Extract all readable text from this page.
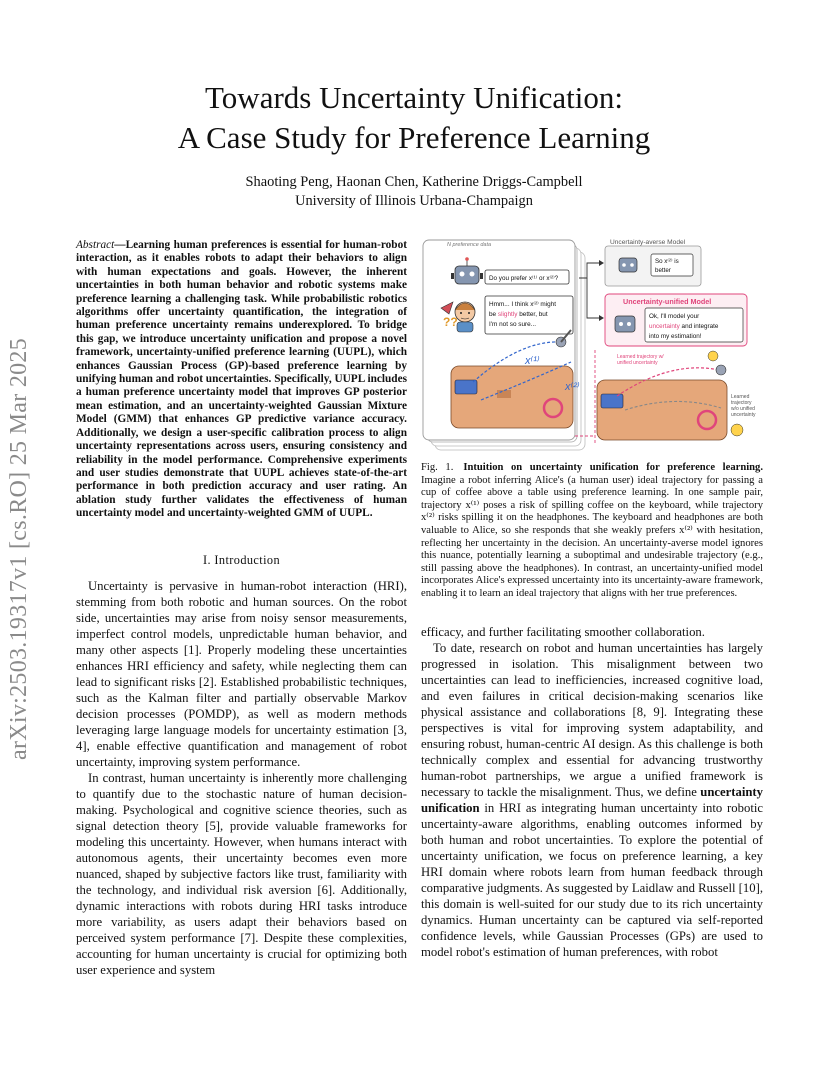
arXiv:2503.19317v1 [cs.RO] 25 Mar 2025
Towards Uncertainty Unification:
A Case Study for Preference Learning
Shaoting Peng, Haonan Chen, Katherine Driggs-Campbell
University of Illinois Urbana-Champaign
Abstract—Learning human preferences is essential for human-robot interaction, as it enables robots to adapt their behaviors to align with human expectations and goals. However, the inherent uncertainties in both human behavior and robotic systems make preference learning a challenging task. While probabilistic robotics algorithms offer uncertainty quantification, the integration of human preference uncertainty remains underexplored. To bridge this gap, we introduce uncertainty unification and propose a novel framework, uncertainty-unified preference learning (UUPL), which enhances Gaussian Process (GP)-based preference learning by unifying human and robot uncertainties. Specifically, UUPL includes a human preference uncertainty model that improves GP posterior mean estimation, and an uncertainty-weighted Gaussian Mixture Model (GMM) that enhances GP predictive variance accuracy. Additionally, we design a user-specific calibration process to align uncertainty representations across users, ensuring consistency and reliability in the model performance. Comprehensive experiments and user studies demonstrate that UUPL achieves state-of-the-art performance in both prediction accuracy and user rating. An ablation study further validates the effectiveness of human uncertainty model and uncertainty-weighted GMM of UUPL.
I. Introduction

Uncertainty is pervasive in human-robot interaction (HRI), stemming from both robotic and human sources. On the robot side, uncertainties may arise from noisy sensor measurements, imperfect control models, unpredictable human behavior, and many other aspects [1]. Properly modeling these uncertainties enhances HRI efficiency and safety, while neglecting them can lead to significant risks [2]. Established probabilistic techniques, such as the Kalman filter and partially observable Markov decision processes (POMDP), as well as modern methods leveraging large language models for uncertainty estimation [3, 4], enable effective quantification and management of robot uncertainty, improving system performance.

In contrast, human uncertainty is inherently more challenging to quantify due to the stochastic nature of human decision-making. Psychological and cognitive science theories, such as signal detection theory [5], provide valuable frameworks for modeling this uncertainty. However, when humans interact with autonomous agents, their uncertainty becomes even more nuanced, shaped by subjective factors like trust, familiarity with the technology, and individual risk aversion [6]. Additionally, dynamic interactions with robots during HRI tasks introduce more variability, as users adapt their behaviors based on perceived system performance [7]. Despite these complexities, accounting for human uncertainty is crucial for optimizing both user experience and system

N preference data
Do you prefer x⁽¹⁾ or x⁽²⁾?
??
Hmm... I think x⁽²⁾ might
be slightly better, but
I'm not so sure...
x⁽¹⁾
x⁽²⁾
Uncertainty-averse Model
So x⁽²⁾ is
better
Uncertainty-unified Model
Ok, I'll model your
uncertainty and integrate
into my estimation!
Learned trajectory w/
unified uncertainty
Learned
trajectory
w/o unified
uncertainty
Fig. 1. Intuition on uncertainty unification for preference learning. Imagine a robot inferring Alice's (a human user) ideal trajectory for passing a cup of coffee above a table using preference learning. In one sample pair, trajectory x⁽¹⁾ poses a risk of spilling coffee on the keyboard, while trajectory x⁽²⁾ risks spilling it on the headphones. The keyboard and headphones are both valuable to Alice, so she responds that she weakly prefers x⁽²⁾ with hesitation, reflecting her uncertainty in the decision. An uncertainty-averse model ignores this nuance, potentially learning a suboptimal and undesirable trajectory (e.g., still passing above the headphones). In contrast, an uncertainty-unified model incorporates Alice's expressed uncertainty into its uncertainty-aware framework, enabling it to learn an ideal trajectory that aligns with her true preferences.

efficacy, and further facilitating smoother collaboration.

To date, research on robot and human uncertainties has largely progressed in isolation. This misalignment between two uncertainties can lead to inefficiencies, increased cognitive load, and even failures in critical decision-making scenarios like physical assistance and collaborations [8, 9]. Integrating these perspectives is vital for improving system adaptability, and ensuring robust, human-centric AI design. As this challenge is both technically complex and essential for advancing trustworthy human-robot partnerships, we argue a unified framework is necessary to tackle the misalignment. Thus, we define uncertainty unification in HRI as integrating human uncertainty into robotic uncertainty-aware algorithms, enabling outcomes informed by both human and robot uncertainties. To explore the potential of uncertainty unification, we focus on preference learning, a key HRI domain where robots learn from human feedback through comparative judgments. As suggested by Laidlaw and Russell [10], this domain is well-suited for our study due to its rich uncertainty dynamics. Human uncertainty can be captured via self-reported confidence levels, while Gaussian Processes (GPs) are used to model robot's estimation of human preferences, with robot
